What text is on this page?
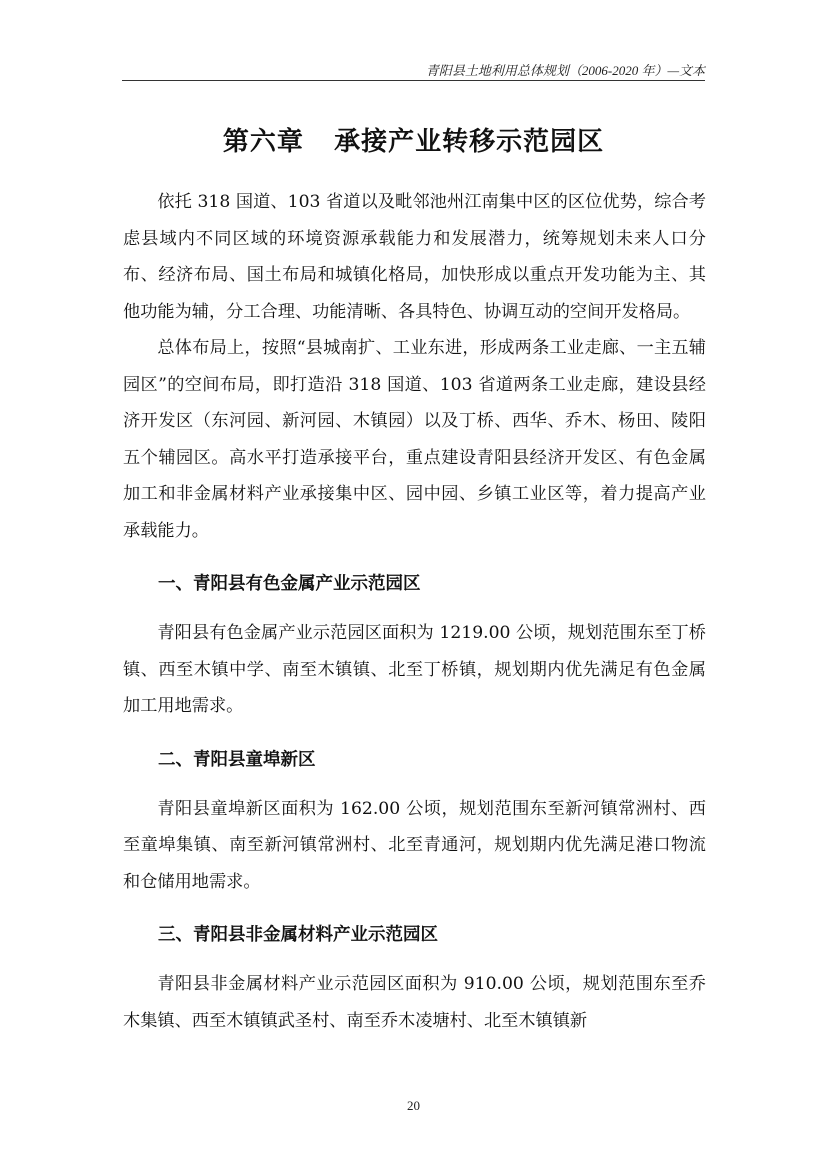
青阳县土地利用总体规划（2006-2020 年）—文本
第六章   承接产业转移示范园区

依托 318 国道、103 省道以及毗邻池州江南集中区的区位优势，综合考虑县域内不同区域的环境资源承载能力和发展潜力，统筹规划未来人口分布、经济布局、国土布局和城镇化格局，加快形成以重点开发功能为主、其他功能为辅，分工合理、功能清晰、各具特色、协调互动的空间开发格局。

总体布局上，按照“县城南扩、工业东进，形成两条工业走廊、一主五辅园区”的空间布局，即打造沿 318 国道、103 省道两条工业走廊，建设县经济开发区（东河园、新河园、木镇园）以及丁桥、西华、乔木、杨田、陵阳五个辅园区。高水平打造承接平台，重点建设青阳县经济开发区、有色金属加工和非金属材料产业承接集中区、园中园、乡镇工业区等，着力提高产业承载能力。

一、青阳县有色金属产业示范园区

青阳县有色金属产业示范园区面积为 1219.00 公顷，规划范围东至丁桥镇、西至木镇中学、南至木镇镇、北至丁桥镇，规划期内优先满足有色金属加工用地需求。

二、青阳县童埠新区

青阳县童埠新区面积为 162.00 公顷，规划范围东至新河镇常洲村、西至童埠集镇、南至新河镇常洲村、北至青通河，规划期内优先满足港口物流和仓储用地需求。

三、青阳县非金属材料产业示范园区

青阳县非金属材料产业示范园区面积为 910.00 公顷，规划范围东至乔木集镇、西至木镇镇武圣村、南至乔木凌塘村、北至木镇镇新

20
